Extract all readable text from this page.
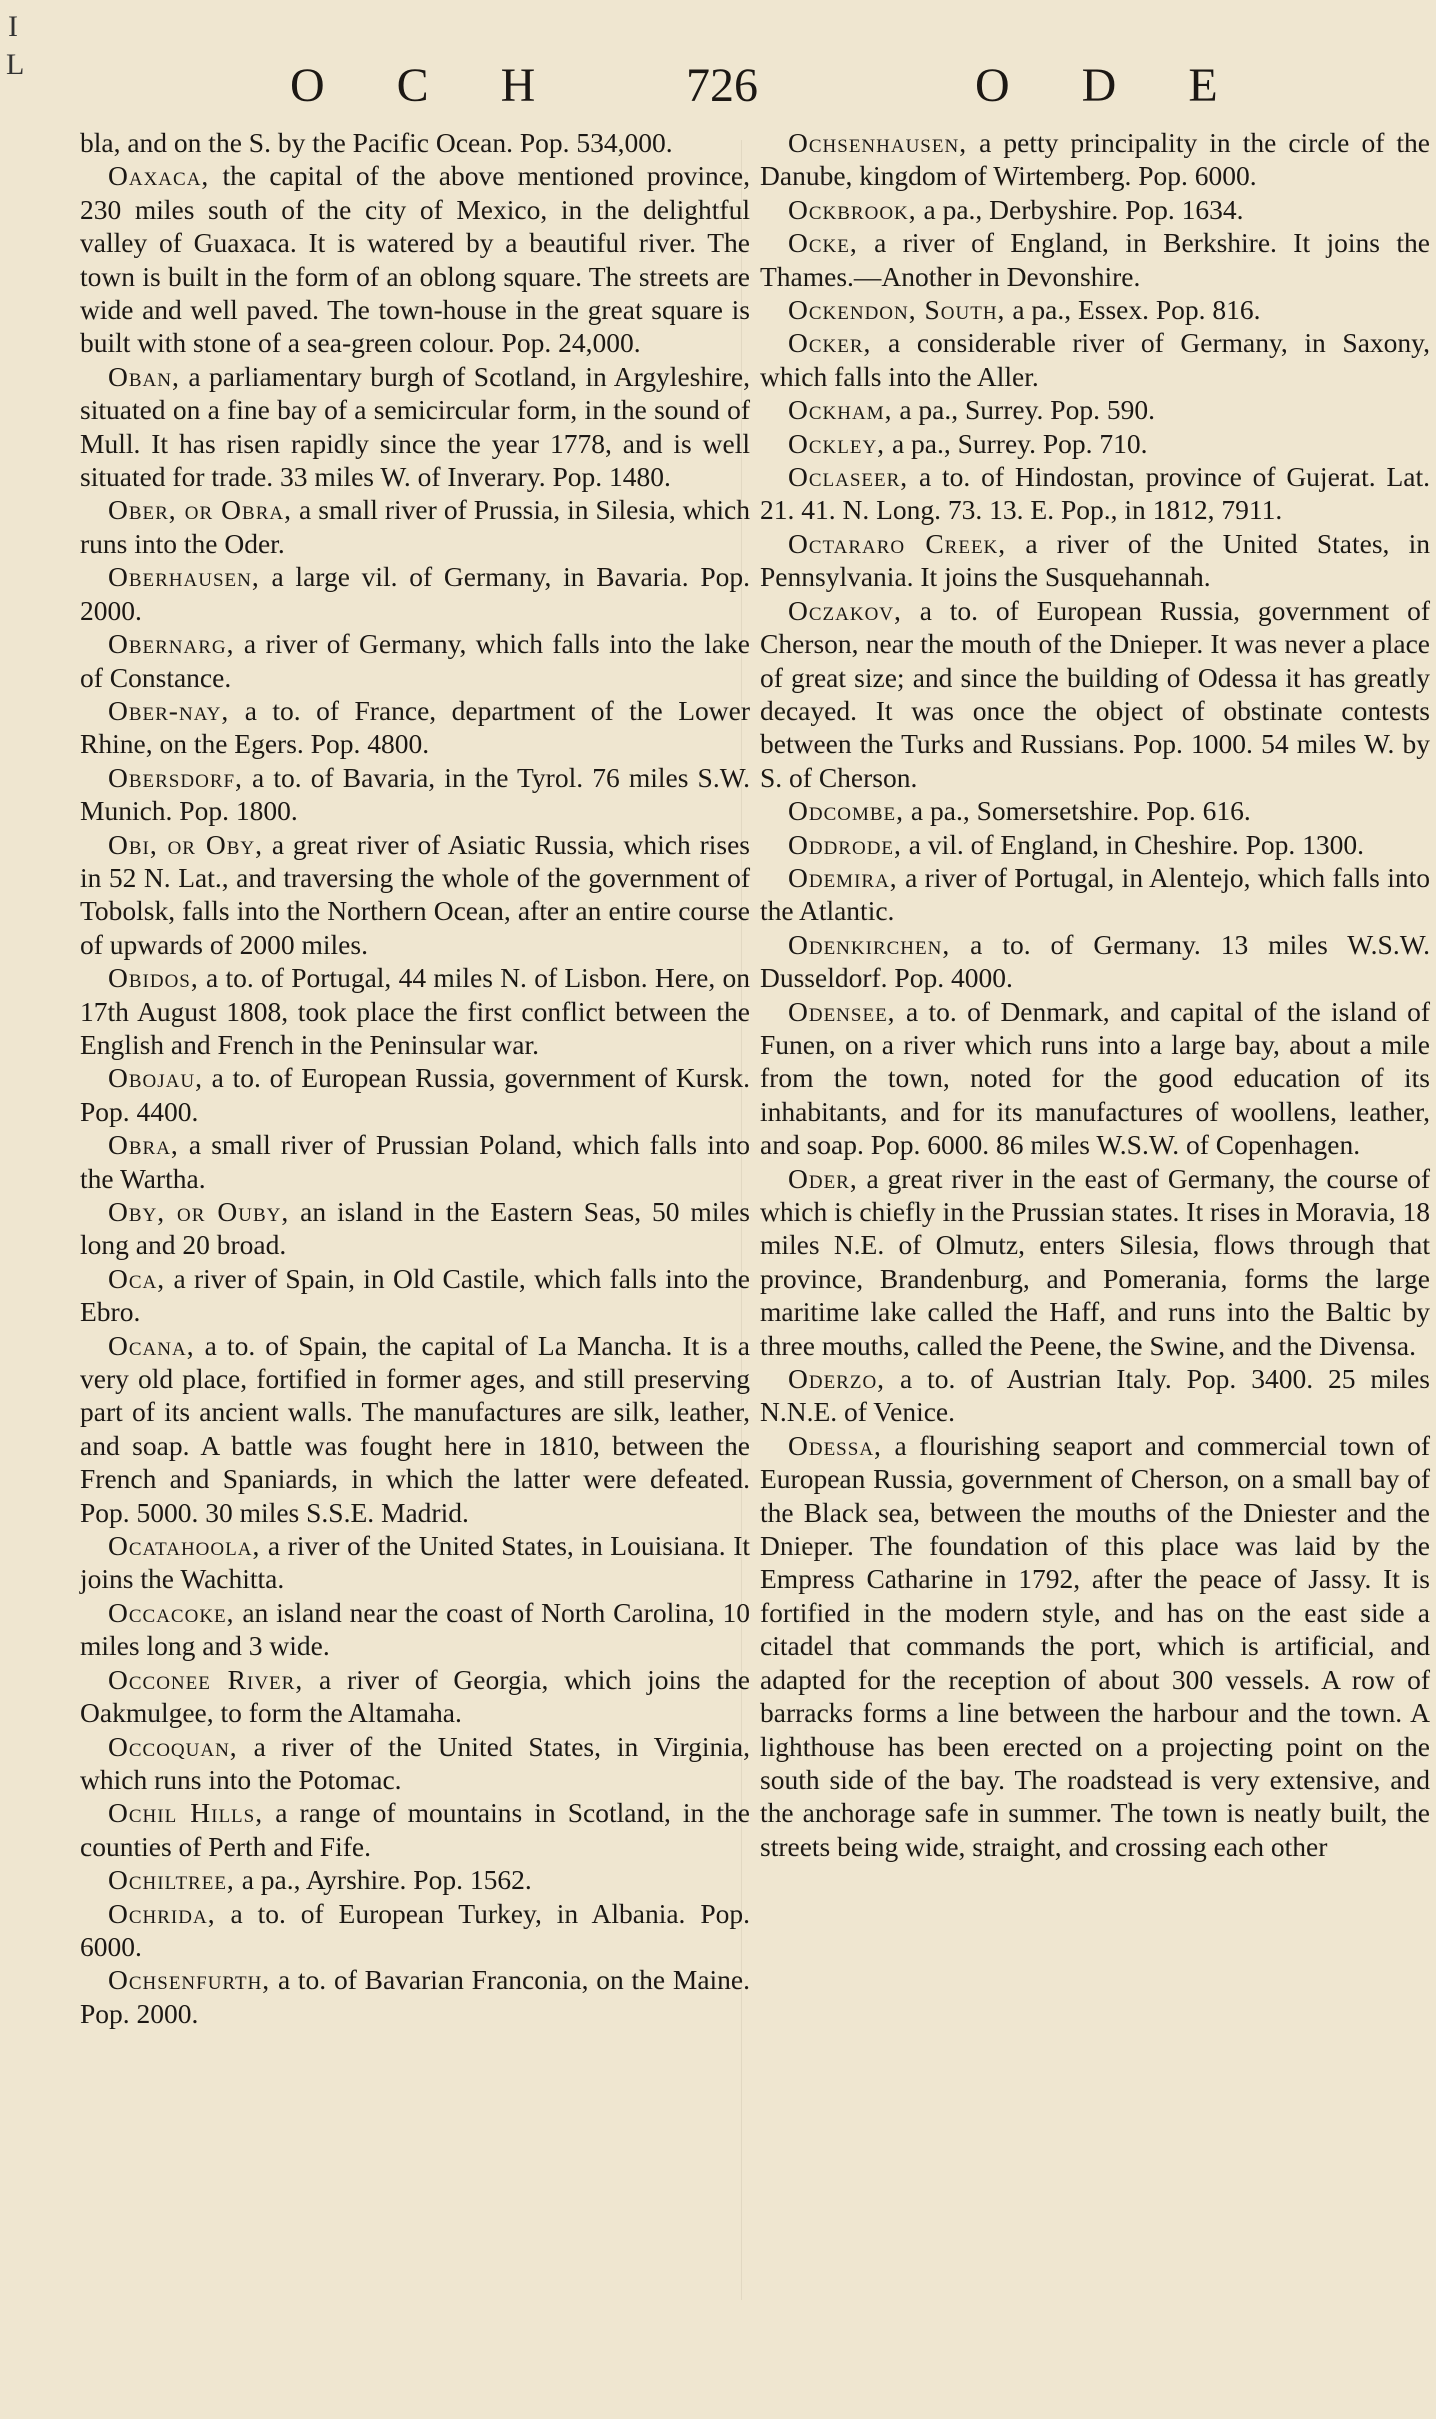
I
L	O C H	726	O D E

bla, and on the S. by the Pacific Ocean. Pop. 534,000.

Oaxaca, the capital of the above mentioned province, 230 miles south of the city of Mexico, in the delightful valley of Guaxaca. It is watered by a beautiful river. The town is built in the form of an oblong square. The streets are wide and well paved. The town-house in the great square is built with stone of a sea-green colour. Pop. 24,000.

Oban, a parliamentary burgh of Scotland, in Argyleshire, situated on a fine bay of a semicircular form, in the sound of Mull. It has risen rapidly since the year 1778, and is well situated for trade. 33 miles W. of Inverary. Pop. 1480.

Ober, or Obra, a small river of Prussia, in Silesia, which runs into the Oder.

Oberhausen, a large vil. of Germany, in Bavaria. Pop. 2000.

Obernarg, a river of Germany, which falls into the lake of Constance.

Ober-nay, a to. of France, department of the Lower Rhine, on the Egers. Pop. 4800.

Obersdorf, a to. of Bavaria, in the Tyrol. 76 miles S.W. Munich. Pop. 1800.

Obi, or Oby, a great river of Asiatic Russia, which rises in 52 N. Lat., and traversing the whole of the government of Tobolsk, falls into the Northern Ocean, after an entire course of upwards of 2000 miles.

Obidos, a to. of Portugal, 44 miles N. of Lisbon. Here, on 17th August 1808, took place the first conflict between the English and French in the Peninsular war.

Obojau, a to. of European Russia, government of Kursk. Pop. 4400.

Obra, a small river of Prussian Poland, which falls into the Wartha.

Oby, or Ouby, an island in the Eastern Seas, 50 miles long and 20 broad.

Oca, a river of Spain, in Old Castile, which falls into the Ebro.

Ocana, a to. of Spain, the capital of La Mancha. It is a very old place, fortified in former ages, and still preserving part of its ancient walls. The manufactures are silk, leather, and soap. A battle was fought here in 1810, between the French and Spaniards, in which the latter were defeated. Pop. 5000. 30 miles S.S.E. Madrid.

Ocatahoola, a river of the United States, in Louisiana. It joins the Wachitta.

Occacoke, an island near the coast of North Carolina, 10 miles long and 3 wide.

Occonee River, a river of Georgia, which joins the Oakmulgee, to form the Altamaha.

Occoquan, a river of the United States, in Virginia, which runs into the Potomac.

Ochil Hills, a range of mountains in Scotland, in the counties of Perth and Fife.

Ochiltree, a pa., Ayrshire. Pop. 1562.

Ochrida, a to. of European Turkey, in Albania. Pop. 6000.

Ochsenfurth, a to. of Bavarian Franconia, on the Maine. Pop. 2000.

Ochsenhausen, a petty principality in the circle of the Danube, kingdom of Wirtemberg. Pop. 6000.

Ockbrook, a pa., Derbyshire. Pop. 1634.

Ocke, a river of England, in Berkshire. It joins the Thames.—Another in Devonshire.

Ockendon, South, a pa., Essex. Pop. 816.

Ocker, a considerable river of Germany, in Saxony, which falls into the Aller.

Ockham, a pa., Surrey. Pop. 590.

Ockley, a pa., Surrey. Pop. 710.

Oclaseer, a to. of Hindostan, province of Gujerat. Lat. 21. 41. N. Long. 73. 13. E. Pop., in 1812, 7911.

Octararo Creek, a river of the United States, in Pennsylvania. It joins the Susquehannah.

Oczakov, a to. of European Russia, government of Cherson, near the mouth of the Dnieper. It was never a place of great size; and since the building of Odessa it has greatly decayed. It was once the object of obstinate contests between the Turks and Russians. Pop. 1000. 54 miles W. by S. of Cherson.

Odcombe, a pa., Somersetshire. Pop. 616.

Oddrode, a vil. of England, in Cheshire. Pop. 1300.

Odemira, a river of Portugal, in Alentejo, which falls into the Atlantic.

Odenkirchen, a to. of Germany. 13 miles W.S.W. Dusseldorf. Pop. 4000.

Odensee, a to. of Denmark, and capital of the island of Funen, on a river which runs into a large bay, about a mile from the town, noted for the good education of its inhabitants, and for its manufactures of woollens, leather, and soap. Pop. 6000. 86 miles W.S.W. of Copenhagen.

Oder, a great river in the east of Germany, the course of which is chiefly in the Prussian states. It rises in Moravia, 18 miles N.E. of Olmutz, enters Silesia, flows through that province, Brandenburg, and Pomerania, forms the large maritime lake called the Haff, and runs into the Baltic by three mouths, called the Peene, the Swine, and the Divensa.

Oderzo, a to. of Austrian Italy. Pop. 3400. 25 miles N.N.E. of Venice.

Odessa, a flourishing seaport and commercial town of European Russia, government of Cherson, on a small bay of the Black sea, between the mouths of the Dniester and the Dnieper. The foundation of this place was laid by the Empress Catharine in 1792, after the peace of Jassy. It is fortified in the modern style, and has on the east side a citadel that commands the port, which is artificial, and adapted for the reception of about 300 vessels. A row of barracks forms a line between the harbour and the town. A lighthouse has been erected on a projecting point on the south side of the bay. The roadstead is very extensive, and the anchorage safe in summer. The town is neatly built, the streets being wide, straight, and crossing each other
